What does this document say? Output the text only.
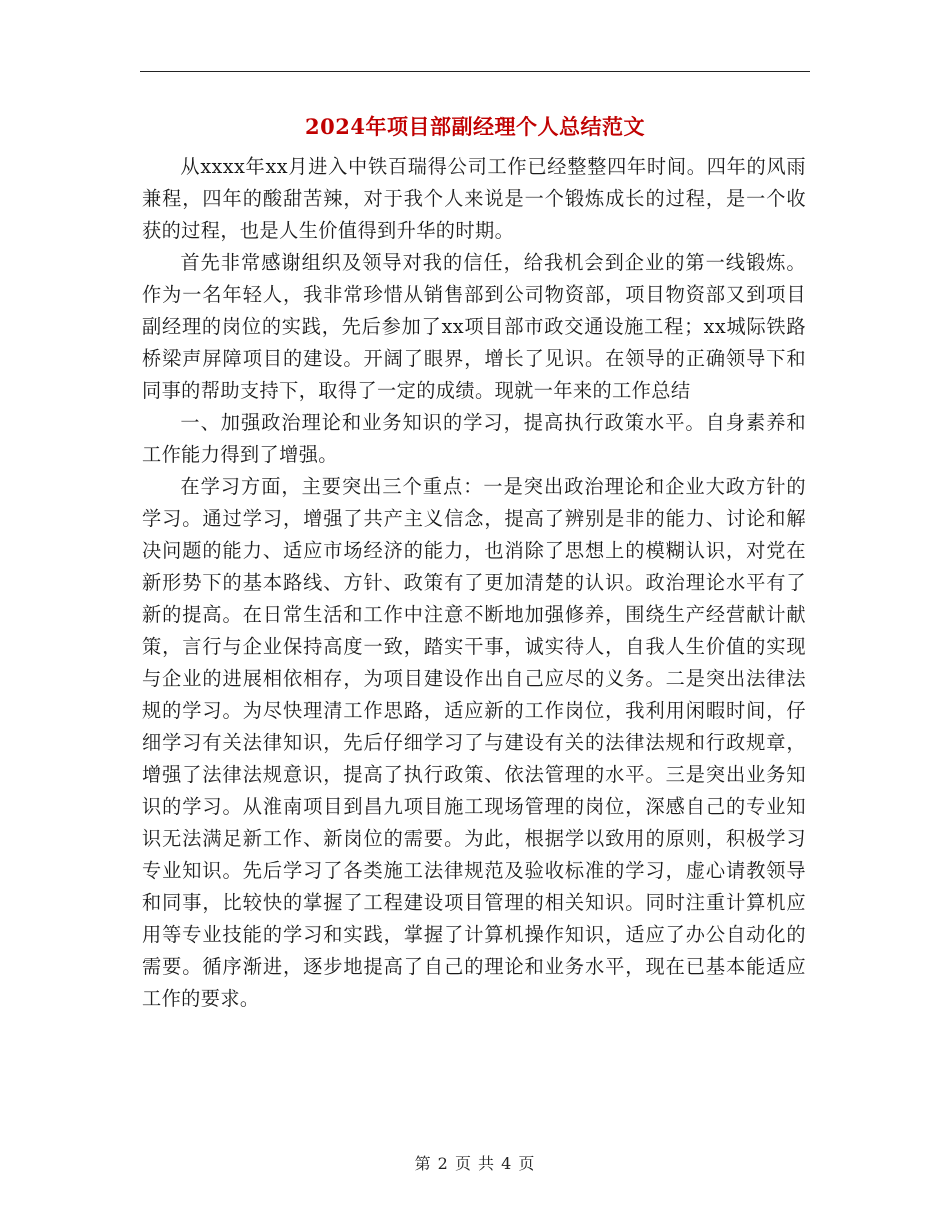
2024年项目部副经理个人总结范文

从xxxx年xx月进入中铁百瑞得公司工作已经整整四年时间。四年的风雨兼程，四年的酸甜苦辣，对于我个人来说是一个锻炼成长的过程，是一个收获的过程，也是人生价值得到升华的时期。

首先非常感谢组织及领导对我的信任，给我机会到企业的第一线锻炼。作为一名年轻人，我非常珍惜从销售部到公司物资部，项目物资部又到项目副经理的岗位的实践，先后参加了xx项目部市政交通设施工程；xx城际铁路桥梁声屏障项目的建设。开阔了眼界，增长了见识。在领导的正确领导下和同事的帮助支持下，取得了一定的成绩。现就一年来的工作总结

一、加强政治理论和业务知识的学习，提高执行政策水平。自身素养和工作能力得到了增强。

在学习方面，主要突出三个重点：一是突出政治理论和企业大政方针的学习。通过学习，增强了共产主义信念，提高了辨别是非的能力、讨论和解决问题的能力、适应市场经济的能力，也消除了思想上的模糊认识，对党在新形势下的基本路线、方针、政策有了更加清楚的认识。政治理论水平有了新的提高。在日常生活和工作中注意不断地加强修养，围绕生产经营献计献策，言行与企业保持高度一致，踏实干事，诚实待人，自我人生价值的实现与企业的进展相依相存，为项目建设作出自己应尽的义务。二是突出法律法规的学习。为尽快理清工作思路，适应新的工作岗位，我利用闲暇时间，仔细学习有关法律知识，先后仔细学习了与建设有关的法律法规和行政规章，增强了法律法规意识，提高了执行政策、依法管理的水平。三是突出业务知识的学习。从淮南项目到昌九项目施工现场管理的岗位，深感自己的专业知识无法满足新工作、新岗位的需要。为此，根据学以致用的原则，积极学习专业知识。先后学习了各类施工法律规范及验收标准的学习，虚心请教领导和同事，比较快的掌握了工程建设项目管理的相关知识。同时注重计算机应用等专业技能的学习和实践，掌握了计算机操作知识，适应了办公自动化的需要。循序渐进，逐步地提高了自己的理论和业务水平，现在已基本能适应工作的要求。

第 2 页 共 4 页
